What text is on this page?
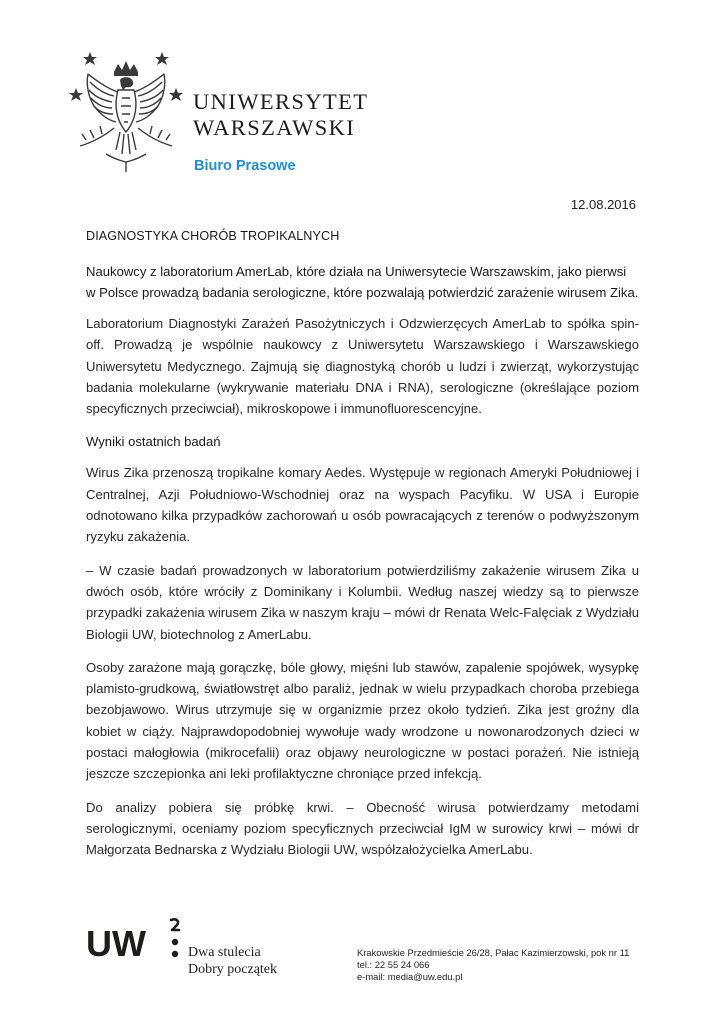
UNIWERSYTET
WARSZAWSKI
Biuro Prasowe
12.08.2016

DIAGNOSTYKA CHORÓB TROPIKALNYCH

Naukowcy z laboratorium AmerLab, które działa na Uniwersytecie Warszawskim, jako pierwsi w Polsce prowadzą badania serologiczne, które pozwalają potwierdzić zarażenie wirusem Zika.

Laboratorium Diagnostyki Zarażeń Pasożytniczych i Odzwierzęcych AmerLab to spółka spin-off. Prowadzą je wspólnie naukowcy z Uniwersytetu Warszawskiego i Warszawskiego Uniwersytetu Medycznego. Zajmują się diagnostyką chorób u ludzi i zwierząt, wykorzystując badania molekularne (wykrywanie materiału DNA i RNA), serologiczne (określające poziom specyficznych przeciwciał), mikroskopowe i immunofluorescencyjne.

Wyniki ostatnich badań

Wirus Zika przenoszą tropikalne komary Aedes. Występuje w regionach Ameryki Południowej i Centralnej, Azji Południowo-Wschodniej oraz na wyspach Pacyfiku. W USA i Europie odnotowano kilka przypadków zachorowań u osób powracających z terenów o podwyższonym ryzyku zakażenia.

– W czasie badań prowadzonych w laboratorium potwierdziliśmy zakażenie wirusem Zika u dwóch osób, które wróciły z Dominikany i Kolumbii. Według naszej wiedzy są to pierwsze przypadki zakażenia wirusem Zika w naszym kraju – mówi dr Renata Welc-Falęciak z Wydziału Biologii UW, biotechnolog z AmerLabu.

Osoby zarażone mają gorączkę, bóle głowy, mięśni lub stawów, zapalenie spojówek, wysypkę plamisto-grudkową, światłowstręt albo paraliż, jednak w wielu przypadkach choroba przebiega bezobjawowo. Wirus utrzymuje się w organizmie przez około tydzień. Zika jest groźny dla kobiet w ciąży. Najprawdopodobniej wywołuje wady wrodzone u nowonarodzonych dzieci w postaci małogłowia (mikrocefalii) oraz objawy neurologiczne w postaci porażeń. Nie istnieją jeszcze szczepionka ani leki profilaktyczne chroniące przed infekcją.

Do analizy pobiera się próbkę krwi. – Obecność wirusa potwierdzamy metodami serologicznymi, oceniamy poziom specyficznych przeciwciał IgM w surowicy krwi – mówi dr Małgorzata Bednarska z Wydziału Biologii UW, współzałożycielka AmerLabu.

UW	Dwa stulecia
Dobry początek
Krakowskie Przedmieście 26/28, Pałac Kazimierzowski, pok nr 11
tel.: 22 55 24 066
e-mail: media@uw.edu.pl
